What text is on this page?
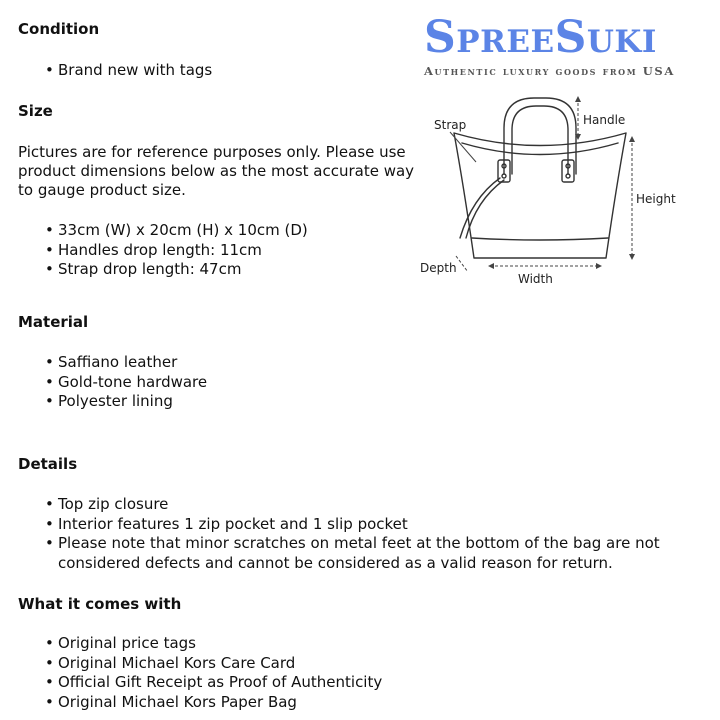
SpreeSuki
Authentic luxury goods from USA
Strap	Handle
Height
Depth
Width
Condition
• Brand new with tags
Size

Pictures are for reference purposes only. Please use product dimensions below as the most accurate way to gauge product size.

• 33cm (W) x 20cm (H) x 10cm (D)
• Handles drop length: 11cm
• Strap drop length: 47cm
Material
• Saffiano leather
• Gold-tone hardware
• Polyester lining
Details
• Top zip closure
• Interior features 1 zip pocket and 1 slip pocket
• Please note that minor scratches on metal feet at the bottom of the bag are not considered defects and cannot be considered as a valid reason for return.
What it comes with
• Original price tags
• Original Michael Kors Care Card
• Official Gift Receipt as Proof of Authenticity
• Original Michael Kors Paper Bag
